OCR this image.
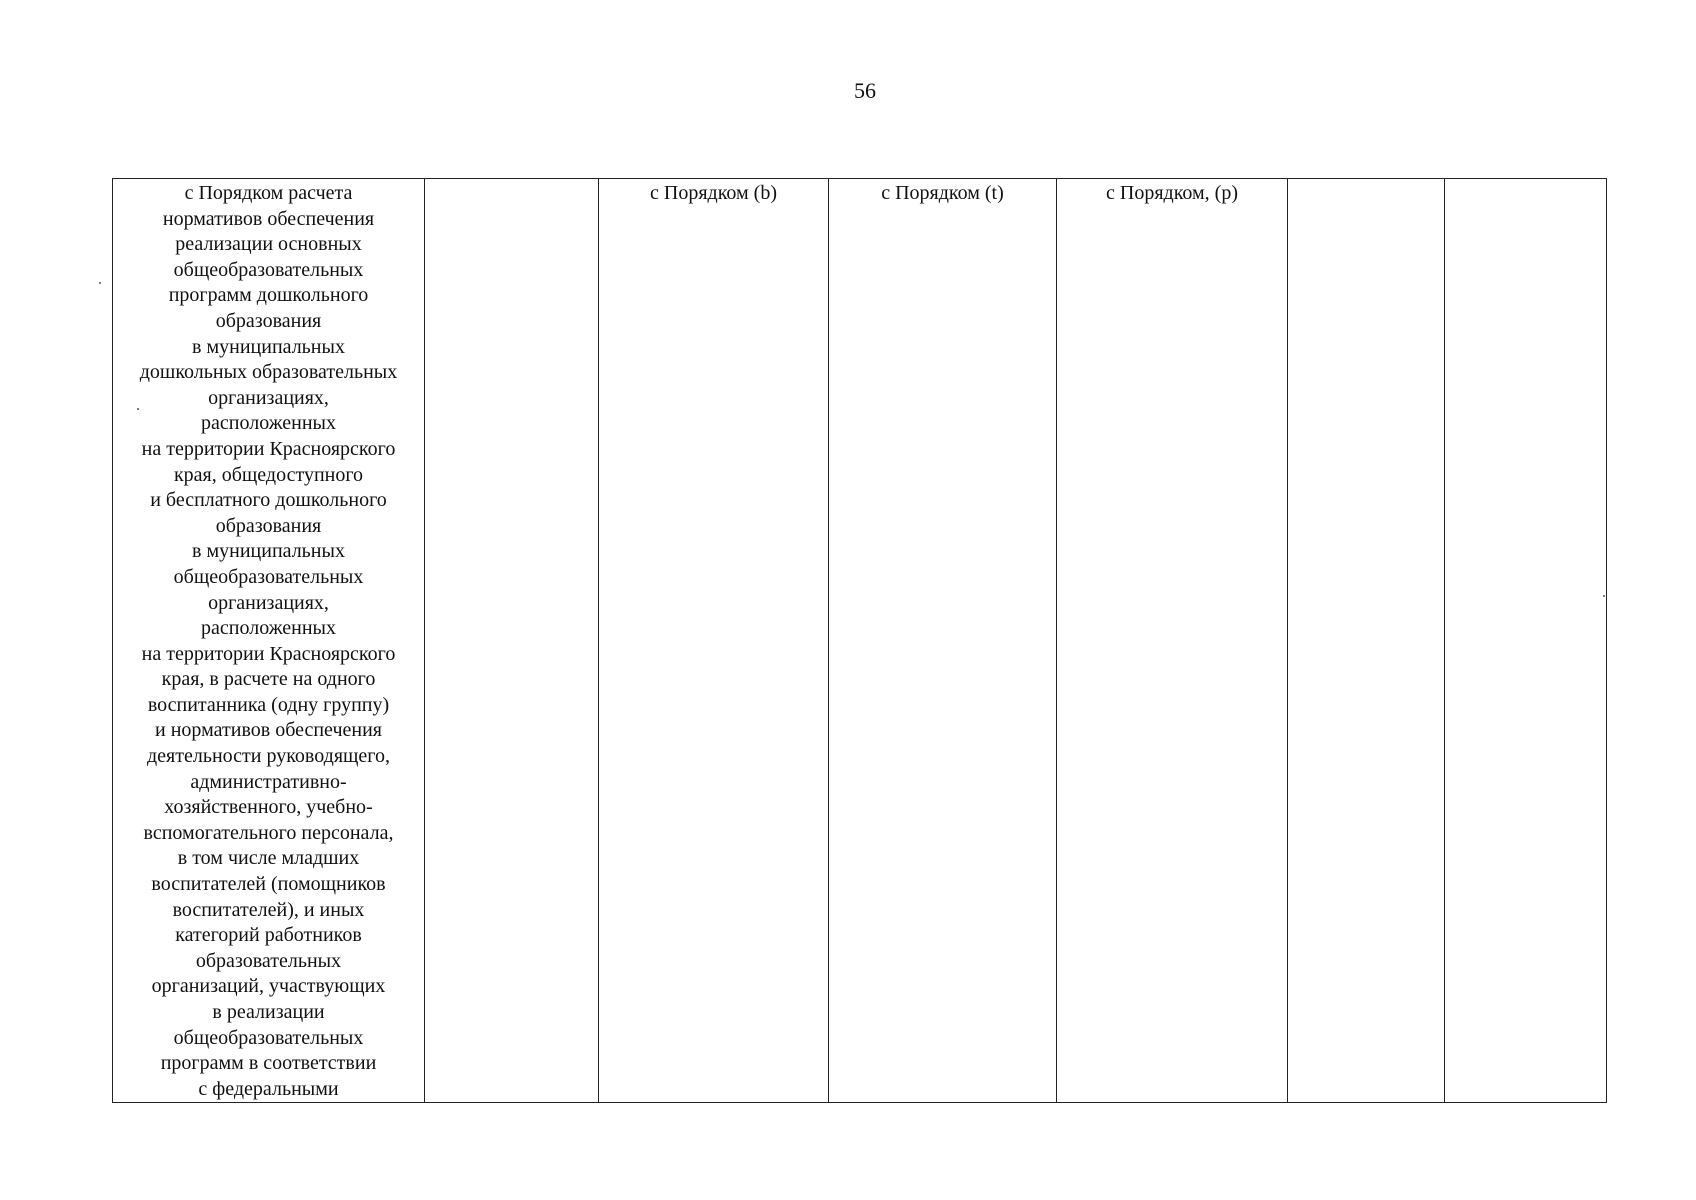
56
с Порядком расчета
нормативов обеспечения
реализации основных
общеобразовательных
программ дошкольного
образования
в муниципальных
дошкольных образовательных
организациях,
расположенных
на территории Красноярского
края, общедоступного
и бесплатного дошкольного
образования
в муниципальных
общеобразовательных
организациях,
расположенных
на территории Красноярского
края, в расчете на одного
воспитанника (одну группу)
и нормативов обеспечения
деятельности руководящего,
административно-
хозяйственного, учебно-
вспомогательного персонала,
в том числе младших
воспитателей (помощников
воспитателей), и иных
категорий работников
образовательных
организаций, участвующих
в реализации
общеобразовательных
программ в соответствии
с федеральными
		с Порядком (b)	с Порядком (t)	с Порядком, (р)		
